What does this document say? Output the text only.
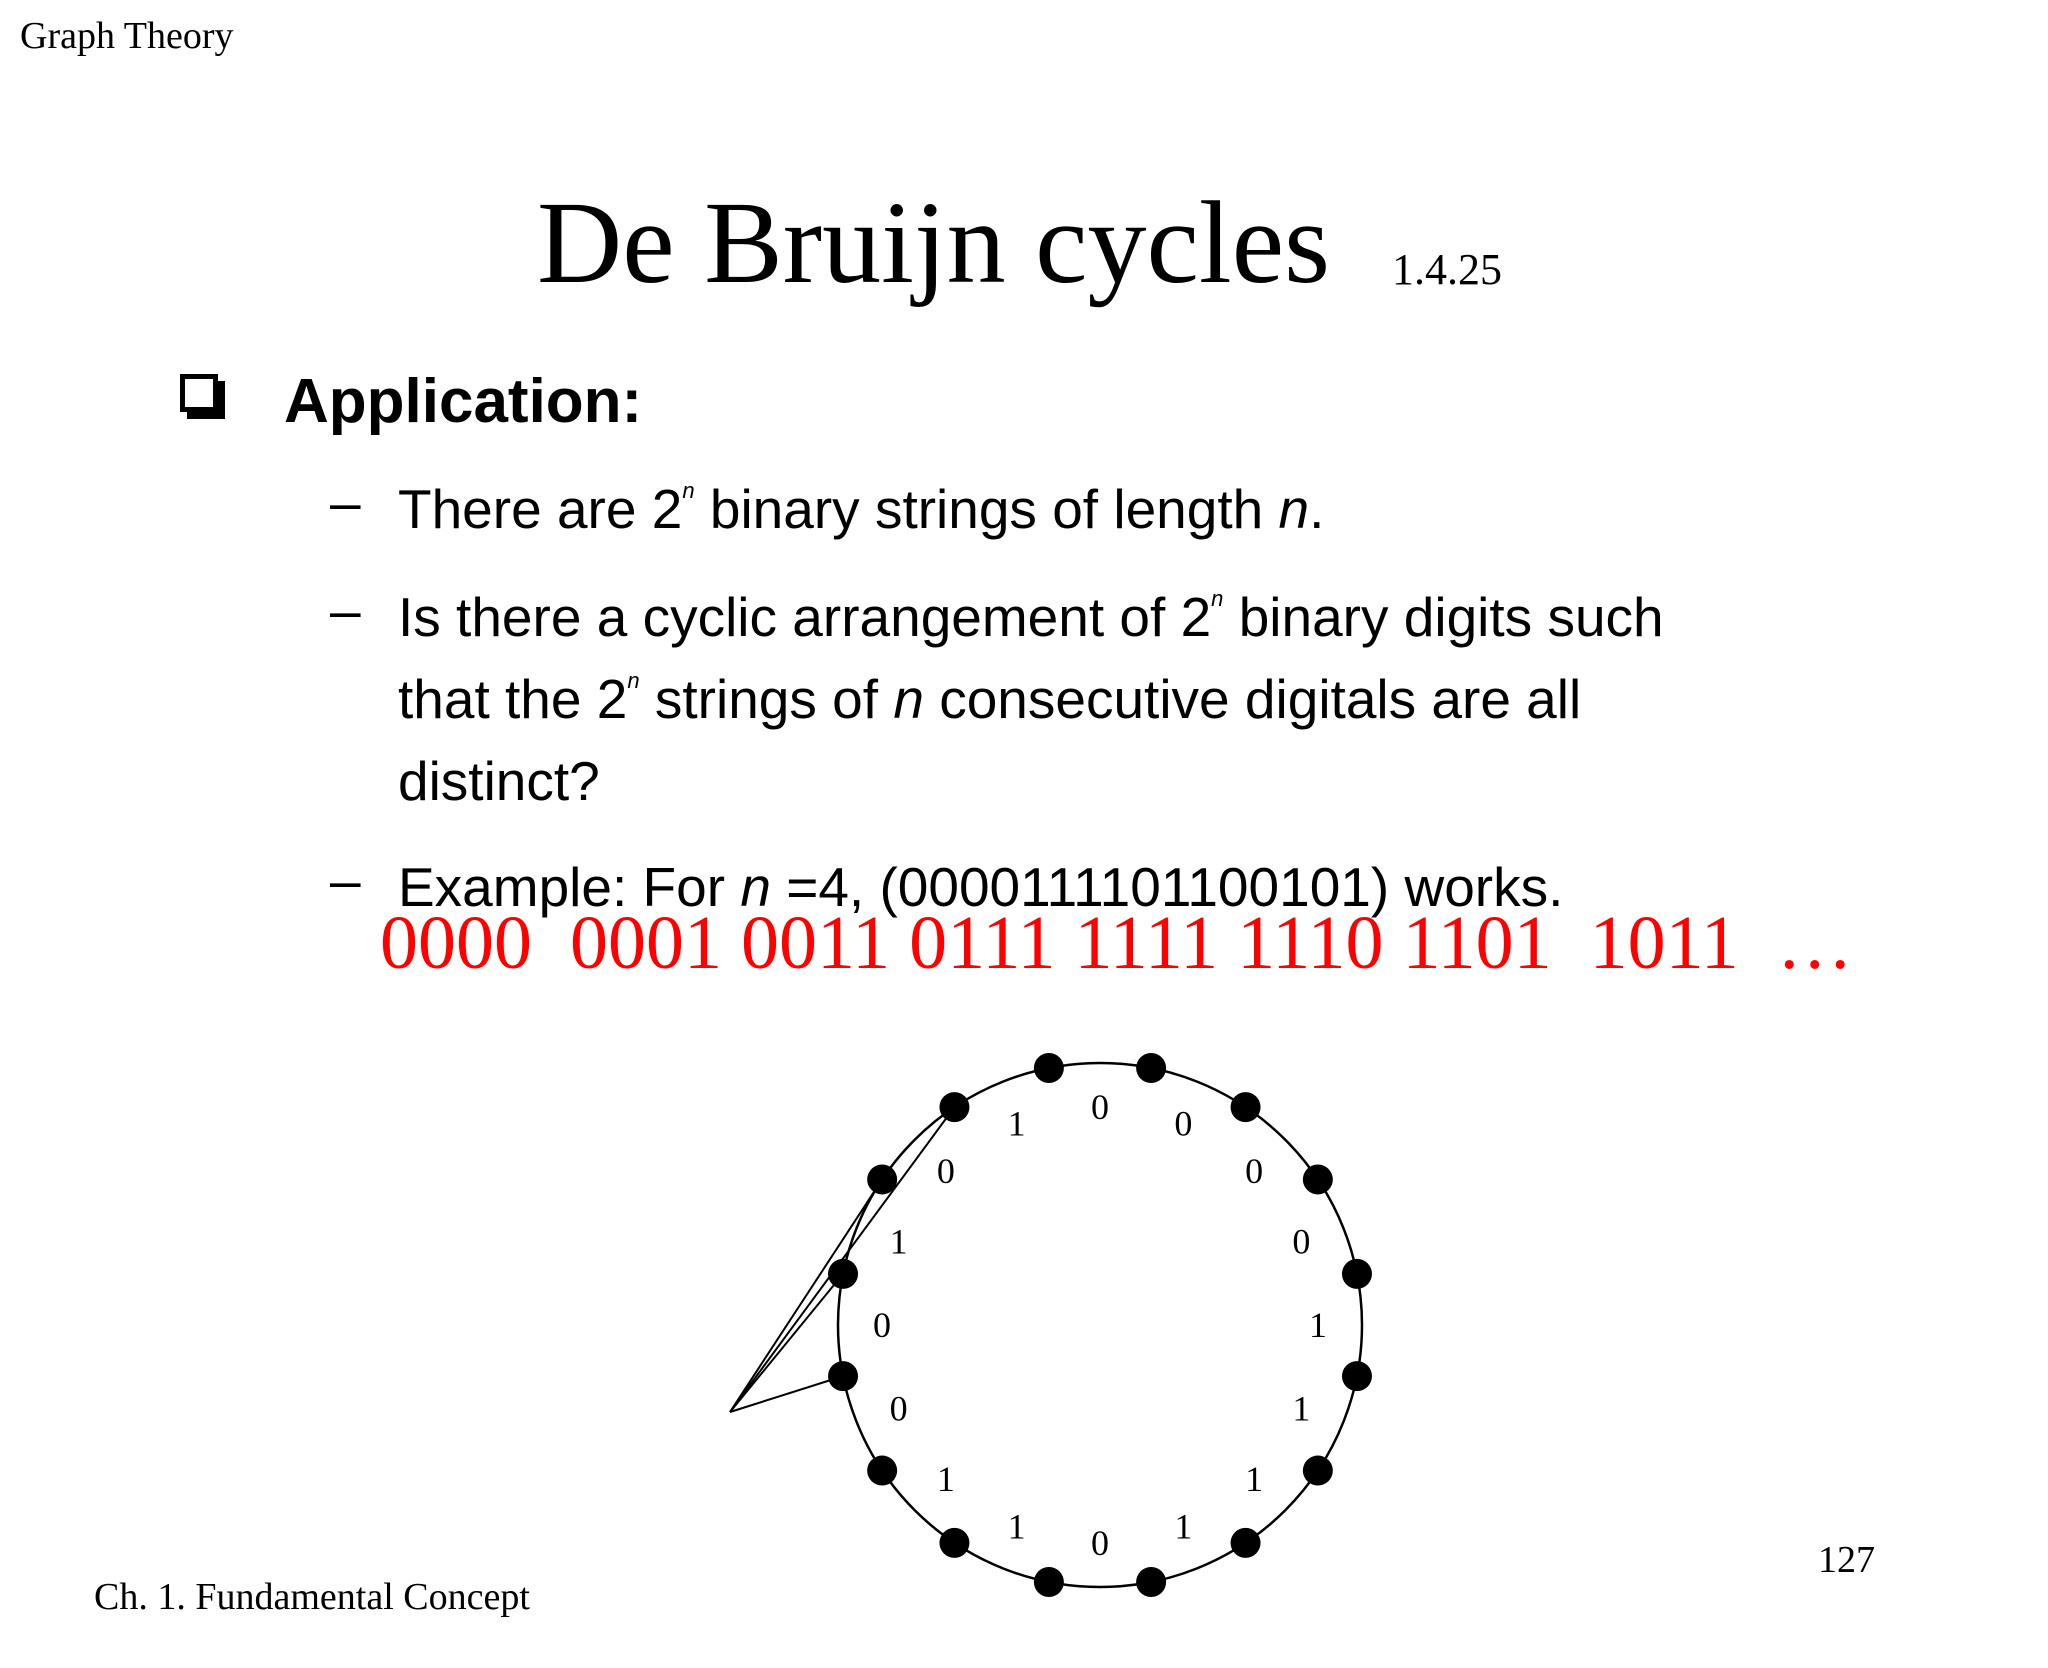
Graph Theory
De Bruijn cycles 1.4.25
Application:
– There are 2$^n$ binary strings of length n.
– Is there a cyclic arrangement of 2$^n$ binary digits such
that the 2$^n$ strings of n consecutive digitals are all
distinct?
– Example: For n =4, (0000111101100101) works.
0000  0001 0011 0111 1111 1110 1101  1011  …
0 0
0
0
1
1
1
1
0
1
1
0
0
1
0
1
Ch. 1. Fundamental Concept
127
